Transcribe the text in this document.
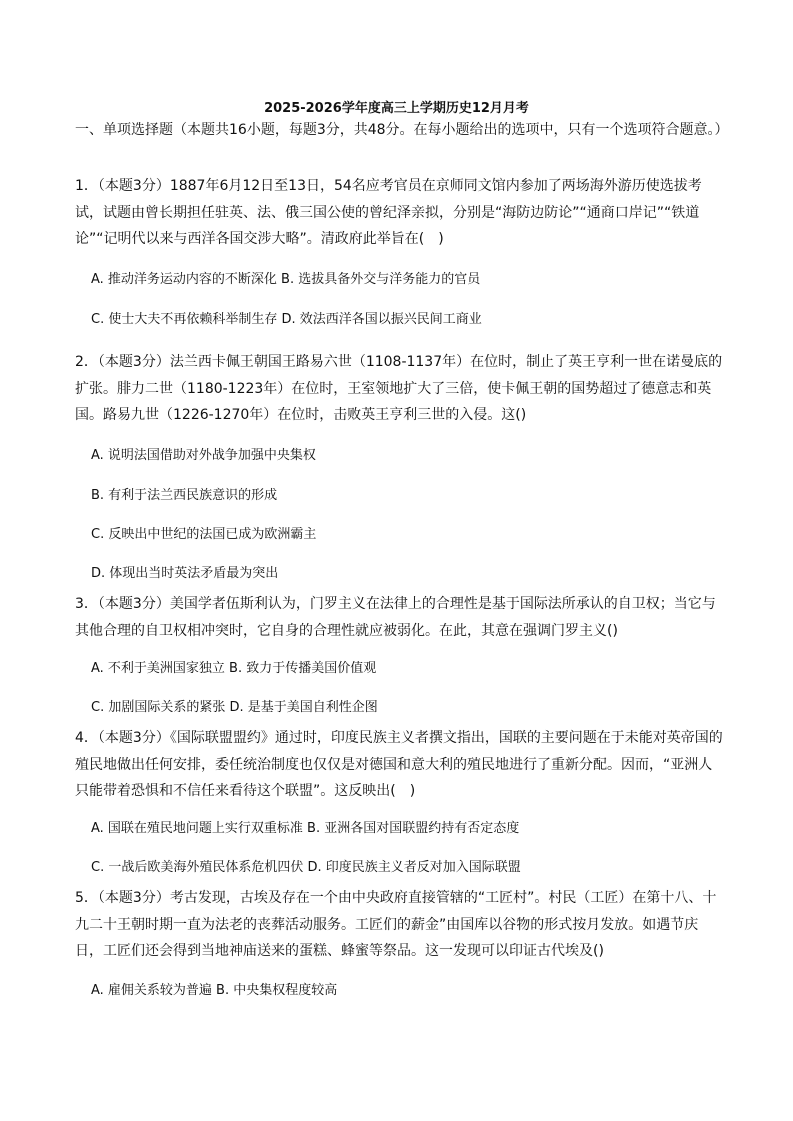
2025-2026学年度高三上学期历史12月月考

一、单项选择题（本题共16小题，每题3分，共48分。在每小题给出的选项中，只有一个选项符合题意。）

1．（本题3分）1887年6月12日至13日，54名应考官员在京师同文馆内参加了两场海外游历使选拔考试，试题由曾长期担任驻英、法、俄三国公使的曾纪泽亲拟，分别是“海防边防论”“通商口岸记”“铁道论”“记明代以来与西洋各国交涉大略”。清政府此举旨在(　)

A. 推动洋务运动内容的不断深化 B. 选拔具备外交与洋务能力的官员
C. 使士大夫不再依赖科举制生存 D. 效法西洋各国以振兴民间工商业

2．（本题3分）法兰西卡佩王朝国王路易六世（1108-1137年）在位时，制止了英王亨利一世在诺曼底的扩张。腓力二世（1180-1223年）在位时，王室领地扩大了三倍，使卡佩王朝的国势超过了德意志和英国。路易九世（1226-1270年）在位时，击败英王亨利三世的入侵。这()

A. 说明法国借助对外战争加强中央集权
B. 有利于法兰西民族意识的形成
C. 反映出中世纪的法国已成为欧洲霸主
D. 体现出当时英法矛盾最为突出

3．（本题3分）美国学者伍斯利认为，门罗主义在法律上的合理性是基于国际法所承认的自卫权；当它与其他合理的自卫权相冲突时，它自身的合理性就应被弱化。在此，其意在强调门罗主义()

A. 不利于美洲国家独立 B. 致力于传播美国价值观
C. 加剧国际关系的紧张 D. 是基于美国自利性企图

4．（本题3分）《国际联盟盟约》通过时，印度民族主义者撰文指出，国联的主要问题在于未能对英帝国的殖民地做出任何安排，委任统治制度也仅仅是对德国和意大利的殖民地进行了重新分配。因而，“亚洲人只能带着恐惧和不信任来看待这个联盟”。这反映出(　)

A. 国联在殖民地问题上实行双重标准 B. 亚洲各国对国联盟约持有否定态度
C. 一战后欧美海外殖民体系危机四伏 D. 印度民族主义者反对加入国际联盟

5．（本题3分）考古发现，古埃及存在一个由中央政府直接管辖的“工匠村”。村民（工匠）在第十八、十九二十王朝时期一直为法老的丧葬活动服务。工匠们的薪金”由国库以谷物的形式按月发放。如遇节庆日，工匠们还会得到当地神庙送来的蛋糕、蜂蜜等祭品。这一发现可以印证古代埃及()

A. 雇佣关系较为普遍 B. 中央集权程度较高
